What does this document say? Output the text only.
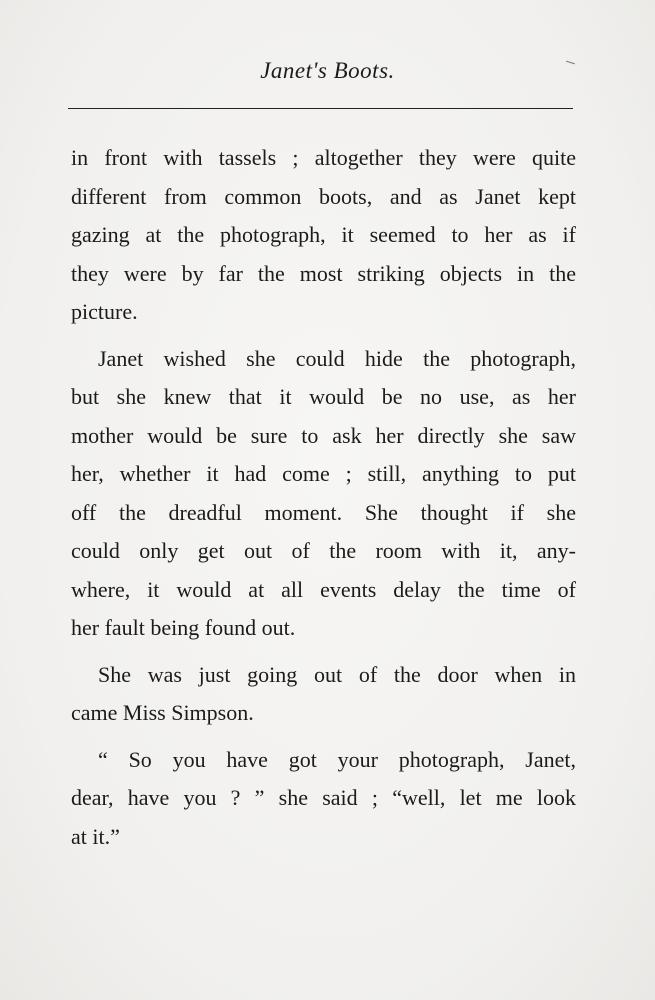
Janet's Boots.
in front with tassels ; altogether they were quite
different from common boots, and as Janet kept
gazing at the photograph, it seemed to her as if
they were by far the most striking objects in the
picture.
Janet wished she could hide the photograph,
but she knew that it would be no use, as her
mother would be sure to ask her directly she saw
her, whether it had come ; still, anything to put
off the dreadful moment. She thought if she
could only get out of the room with it, any-
where, it would at all events delay the time of
her fault being found out.
She was just going out of the door when in
came Miss Simpson.
“ So you have got your photograph, Janet,
dear, have you ? ” she said ; “well, let me look
at it.”
